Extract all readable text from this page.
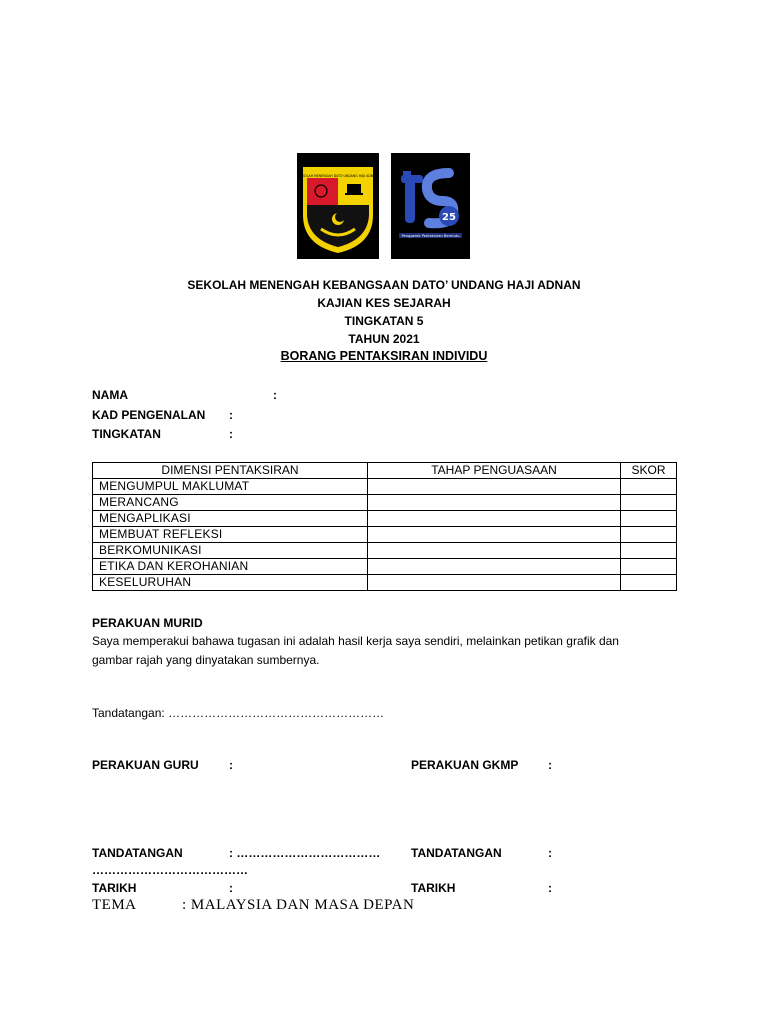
SEKOLAH MENENGAH DATO UNDANG HAJI ADNAN
25
Penggerak Pentaksiran Bermutu
SEKOLAH MENENGAH KEBANGSAAN DATO’ UNDANG HAJI ADNAN
KAJIAN KES SEJARAH
TINGKATAN 5
TAHUN 2021
BORANG PENTAKSIRAN INDIVIDU
NAMA	:
KAD PENGENALAN :
TINGKATAN	:
DIMENSI PENTAKSIRAN	TAHAP PENGUASAAN	SKOR
MENGUMPUL MAKLUMAT		
MERANCANG		
MENGAPLIKASI		
MEMBUAT REFLEKSI		
BERKOMUNIKASI		
ETIKA DAN KEROHANIAN		
KESELURUHAN		
PERAKUAN MURID
Saya memperakui bahawa tugasan ini adalah hasil kerja saya sendiri, melainkan petikan grafik dan
gambar rajah yang dinyatakan sumbernya.
Tandatangan: ………………………………………………
PERAKUAN GURU	:	PERAKUAN GKMP :
TANDATANGAN	: ………………………………	TANDATANGAN	:
…………………………………
TARIKH	:	TARIKH	:
TEMA	: MALAYSIA DAN MASA DEPAN
